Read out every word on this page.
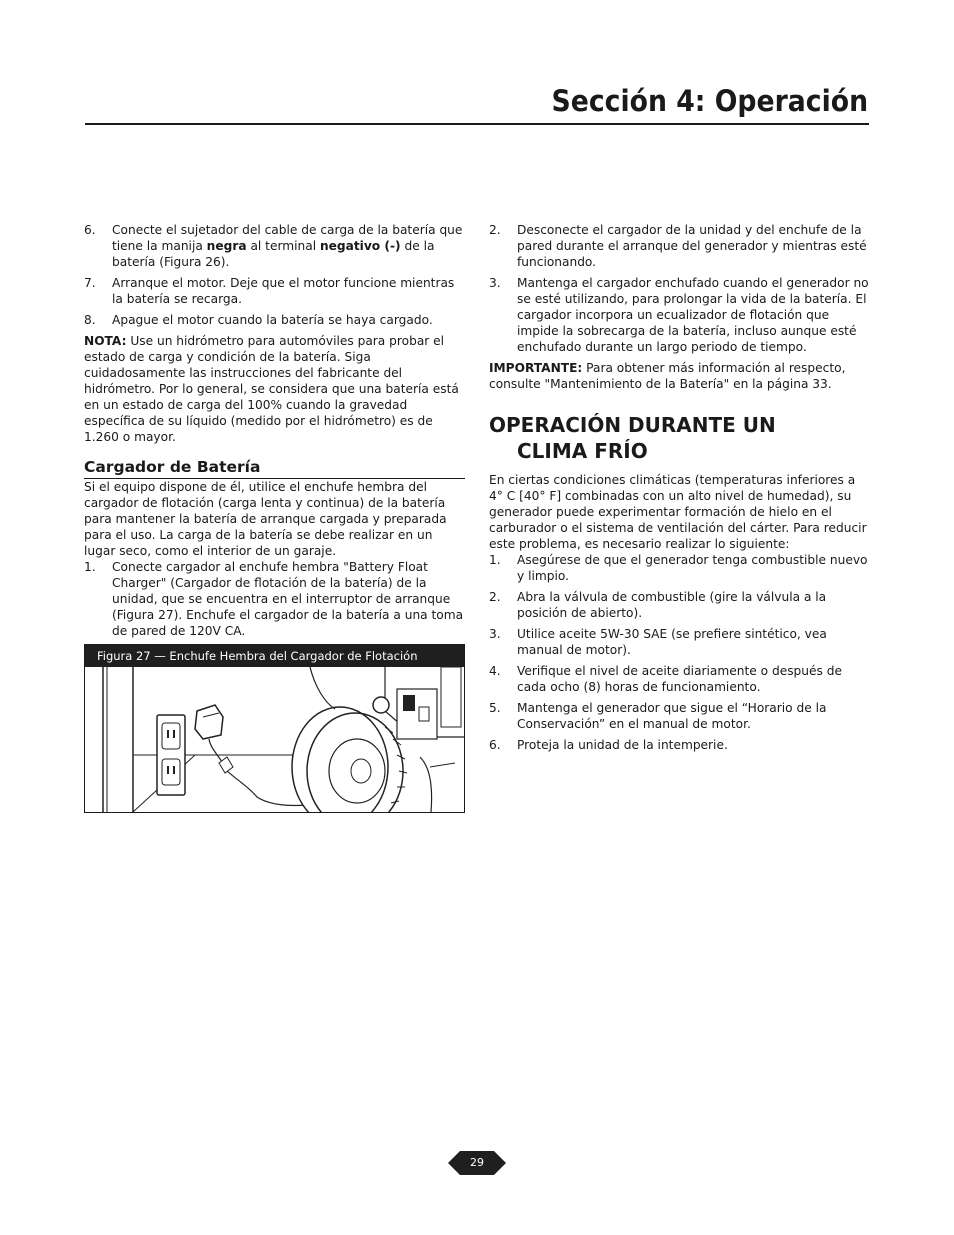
Sección 4: Operación
6. Conecte el sujetador del cable de carga de la batería que tiene la manija negra al terminal negativo (-) de la batería (Figura 26).
7. Arranque el motor. Deje que el motor funcione mientras la batería se recarga.
8. Apague el motor cuando la batería se haya cargado.

NOTA: Use un hidrómetro para automóviles para probar el estado de carga y condición de la batería. Siga cuidadosamente las instrucciones del fabricante del hidrómetro. Por lo general, se considera que una batería está en un estado de carga del 100% cuando la gravedad específica de su líquido (medido por el hidrómetro) es de 1.260 o mayor.

Cargador de Batería

Si el equipo dispone de él, utilice el enchufe hembra del cargador de flotación (carga lenta y continua) de la batería para mantener la batería de arranque cargada y preparada para el uso. La carga de la batería se debe realizar en un lugar seco, como el interior de un garaje.

1. Conecte cargador al enchufe hembra "Battery Float Charger" (Cargador de flotación de la batería) de la unidad, que se encuentra en el interruptor de arranque (Figura 27). Enchufe el cargador de la batería a una toma de pared de 120V CA.
Figura 27 — Enchufe Hembra del Cargador de Flotación
2. Desconecte el cargador de la unidad y del enchufe de la pared durante el arranque del generador y mientras esté funcionando.
3. Mantenga el cargador enchufado cuando el generador no se esté utilizando, para prolongar la vida de la batería. El cargador incorpora un ecualizador de flotación que impide la sobrecarga de la batería, incluso aunque esté enchufado durante un largo periodo de tiempo.

IMPORTANTE: Para obtener más información al respecto, consulte "Mantenimiento de la Batería" en la página 33.

OPERACIÓN DURANTE UN
CLIMA FRÍO

En ciertas condiciones climáticas (temperaturas inferiores a 4° C [40° F] combinadas con un alto nivel de humedad), su generador puede experimentar formación de hielo en el carburador o el sistema de ventilación del cárter. Para reducir este problema, es necesario realizar lo siguiente:

1. Asegúrese de que el generador tenga combustible nuevo y limpio.
2. Abra la válvula de combustible (gire la válvula a la posición de abierto).
3. Utilice aceite 5W-30 SAE (se prefiere sintético, vea manual de motor).
4. Verifique el nivel de aceite diariamente o después de cada ocho (8) horas de funcionamiento.
5. Mantenga el generador que sigue el “Horario de la Conservación” en el manual de motor.
6. Proteja la unidad de la intemperie.
29
